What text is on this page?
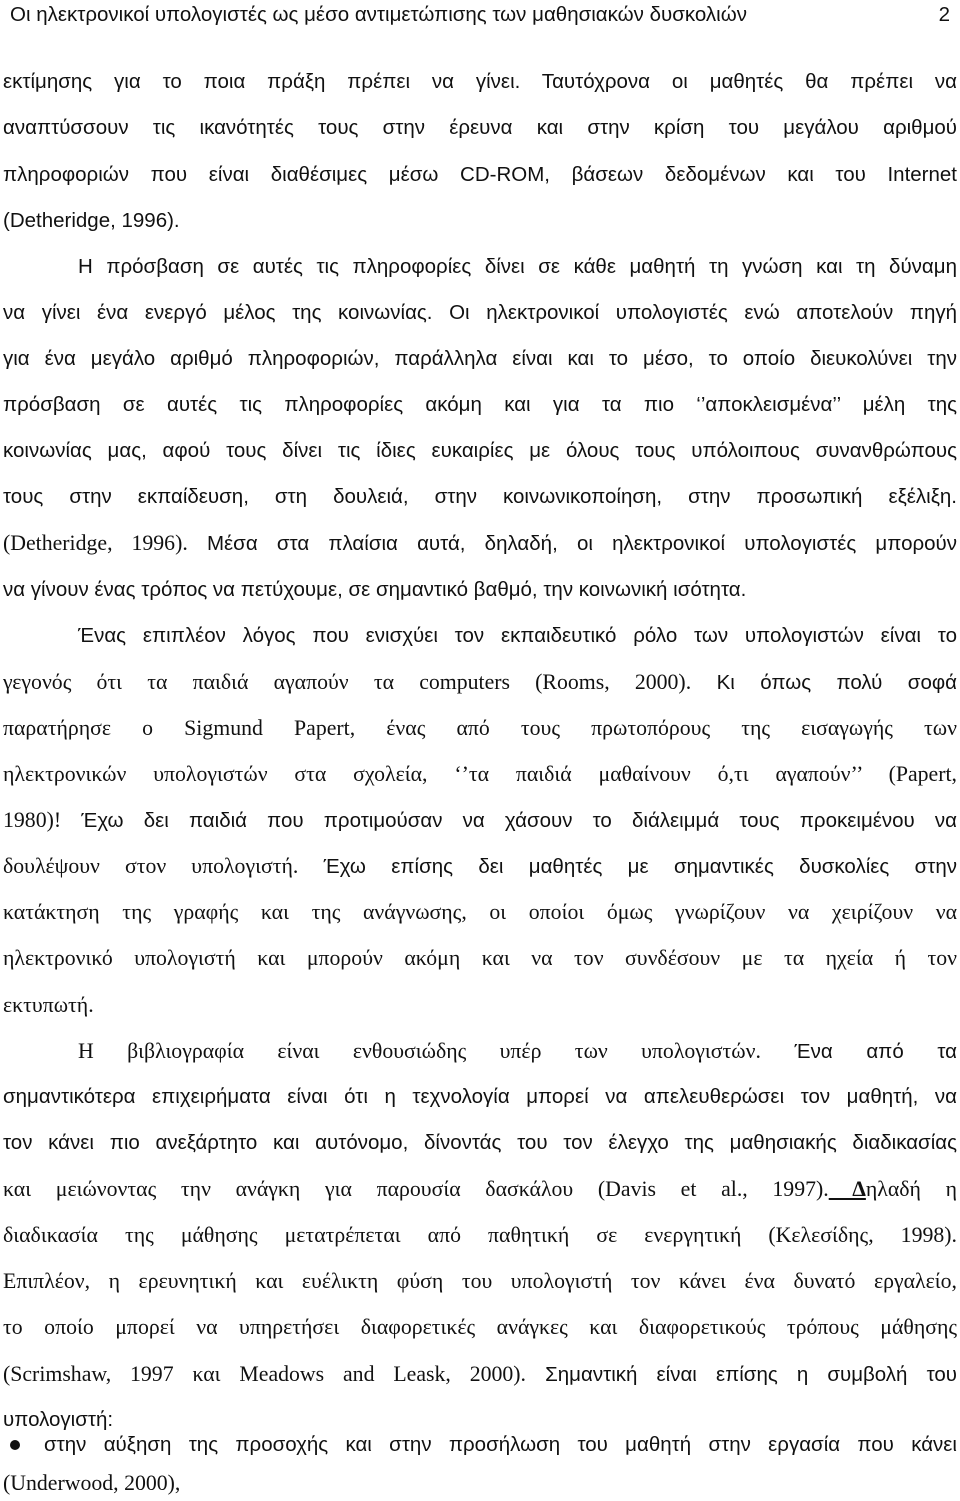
Οι ηλεκτρονικοί υπολογιστές ως μέσο αντιμετώπισης των μαθησιακών δυσκολιών	2
εκτίμησης για το ποια πράξη πρέπει να γίνει. Ταυτόχρονα οι μαθητές θα πρέπει να
αναπτύσσουν τις ικανότητές τους στην έρευνα και στην κρίση του μεγάλου αριθμού
πληροφοριών που είναι διαθέσιμες μέσω CD-ROM, βάσεων δεδομένων και του Internet
(Detheridge, 1996).
Η πρόσβαση σε αυτές τις πληροφορίες δίνει σε κάθε μαθητή τη γνώση και τη δύναμη
να γίνει ένα ενεργό μέλος της κοινωνίας. Οι ηλεκτρονικοί υπολογιστές ενώ αποτελούν πηγή
για ένα μεγάλο αριθμό πληροφοριών, παράλληλα είναι και το μέσο, το οποίο διευκολύνει την
πρόσβαση σε αυτές τις πληροφορίες ακόμη και για τα πιο ‘’αποκλεισμένα’’ μέλη της
κοινωνίας μας, αφού τους δίνει τις ίδιες ευκαιρίες με όλους τους υπόλοιπους συνανθρώπους
τους στην εκπαίδευση, στη δουλειά, στην κοινωνικοποίηση, στην προσωπική εξέλιξη.
(Detheridge, 1996). Μέσα στα πλαίσια αυτά, δηλαδή, οι ηλεκτρονικοί υπολογιστές μπορούν
να γίνουν ένας τρόπος να πετύχουμε, σε σημαντικό βαθμό, την κοινωνική ισότητα.
Ένας επιπλέον λόγος που ενισχύει τον εκπαιδευτικό ρόλο των υπολογιστών είναι το
γεγονός ότι τα παιδιά αγαπούν τα computers (Rooms, 2000). Κι όπως πολύ σοφά
παρατήρησε ο Sigmund Papert, ένας από τους πρωτοπόρους της εισαγωγής των
ηλεκτρονικών υπολογιστών στα σχολεία, ‘’τα παιδιά μαθαίνουν ό,τι αγαπούν’’ (Papert,
1980)! Έχω δει παιδιά που προτιμούσαν να χάσουν το διάλειμμά τους προκειμένου να
δουλέψουν στον υπολογιστή. Έχω επίσης δει μαθητές με σημαντικές δυσκολίες στην
κατάκτηση της γραφής και της ανάγνωσης, οι οποίοι όμως γνωρίζουν να χειρίζουν να
ηλεκτρονικό υπολογιστή και μπορούν ακόμη και να τον συνδέσουν με τα ηχεία ή τον
εκτυπωτή.
Η βιβλιογραφία είναι ενθουσιώδης υπέρ των υπολογιστών. Ένα από τα
σημαντικότερα επιχειρήματα είναι ότι η τεχνολογία μπορεί να απελευθερώσει τον μαθητή, να
τον κάνει πιο ανεξάρτητο και αυτόνομο, δίνοντάς του τον έλεγχο της μαθησιακής διαδικασίας
και μειώνοντας την ανάγκη για παρουσία δασκάλου (Davis et al., 1997). Δηλαδή η
διαδικασία της μάθησης μετατρέπεται από παθητική σε ενεργητική (Κελεσίδης, 1998).
Επιπλέον, η ερευνητική και ευέλικτη φύση του υπολογιστή τον κάνει ένα δυνατό εργαλείο,
το οποίο μπορεί να υπηρετήσει διαφορετικές ανάγκες και διαφορετικούς τρόπους μάθησης
(Scrimshaw, 1997 και Meadows and Leask, 2000). Σημαντική είναι επίσης η συμβολή του
υπολογιστή:
στην αύξηση της προσοχής και στην προσήλωση του μαθητή στην εργασία που κάνει
(Underwood, 2000),
